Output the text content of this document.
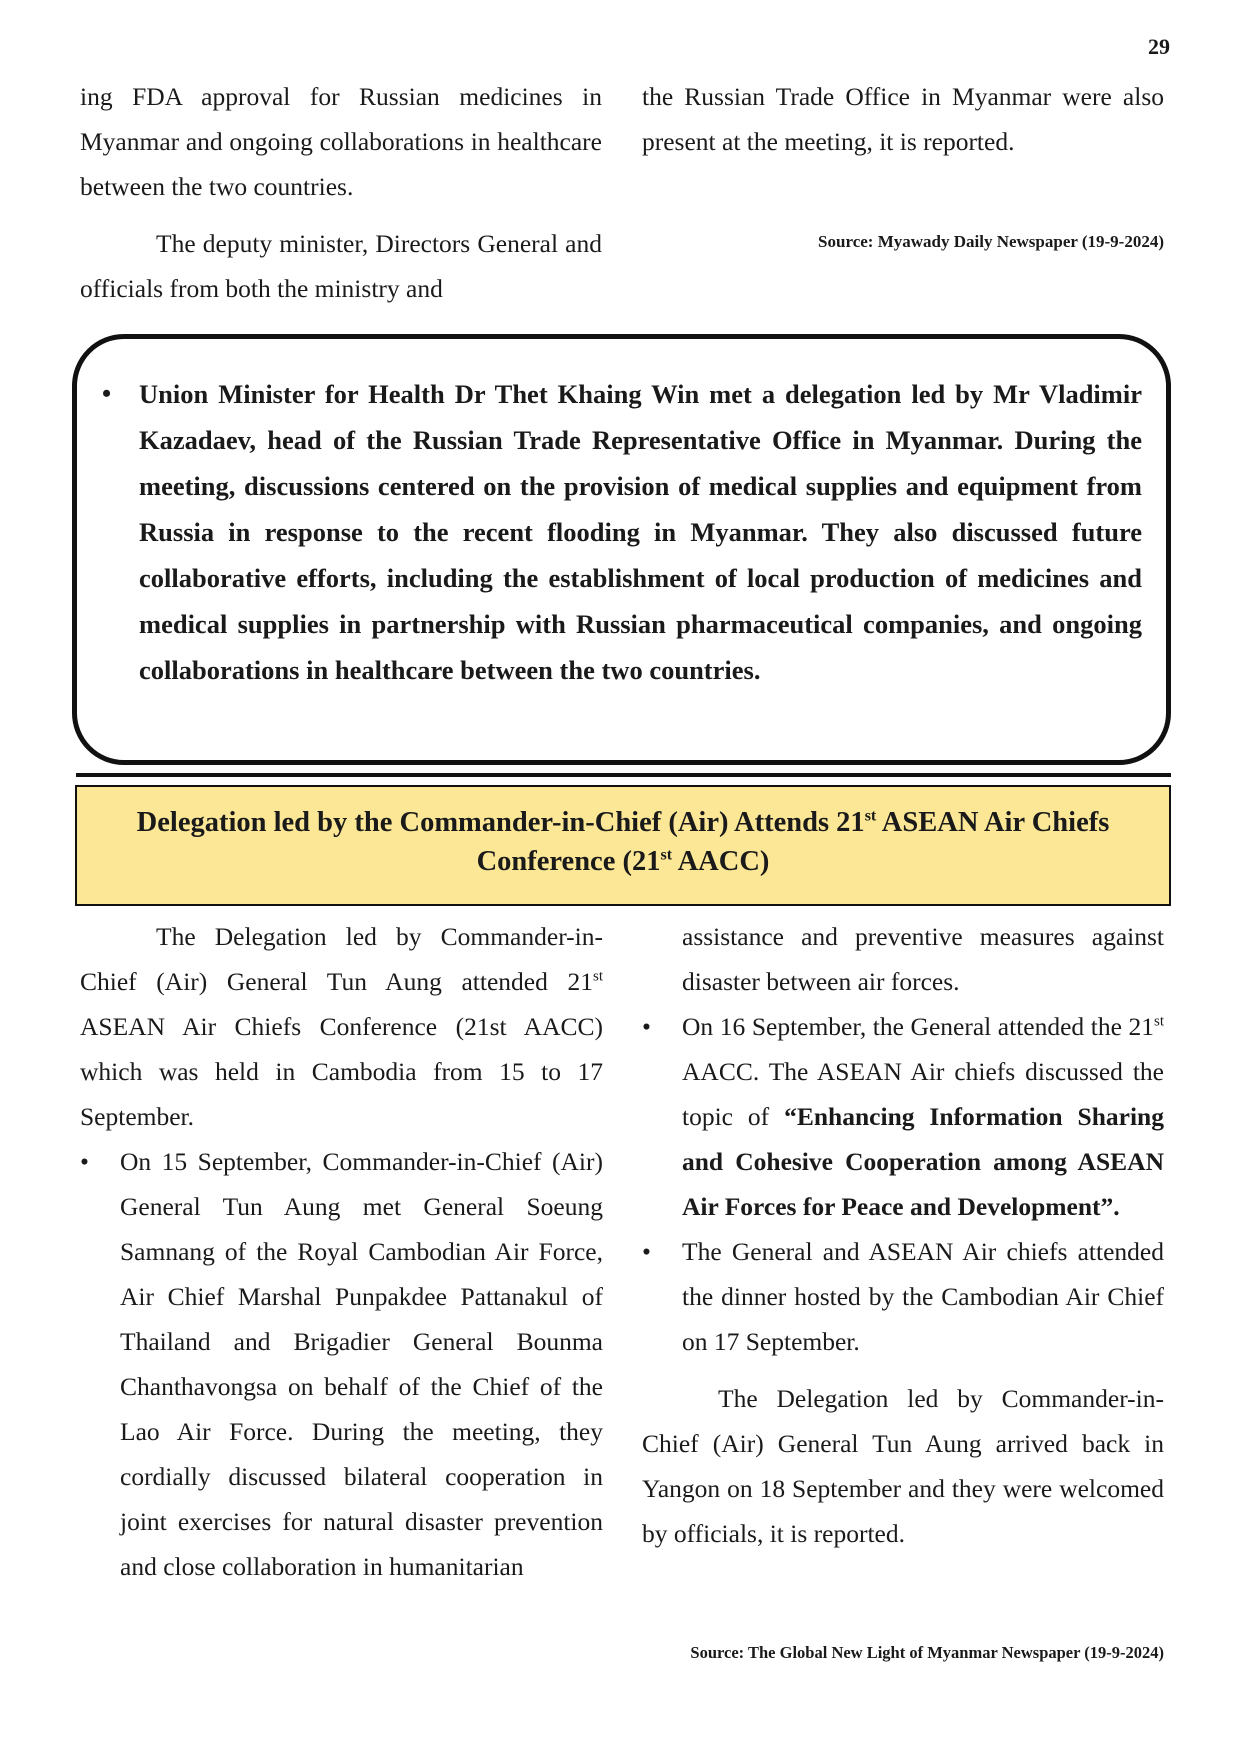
29

ing FDA approval for Russian medicines in Myanmar and ongoing collaborations in healthcare between the two countries.

The deputy minister, Directors General and officials from both the ministry and

the Russian Trade Office in Myanmar were also present at the meeting, it is reported.

Source: Myawady Daily Newspaper (19-9-2024)
•	Union Minister for Health Dr Thet Khaing Win met a delegation led by Mr Vladimir Kazadaev, head of the Russian Trade Representative Office in Myanmar. During the meeting, discussions centered on the provision of medical supplies and equipment from Russia in response to the recent flooding in Myanmar. They also discussed future collaborative efforts, including the establishment of local production of medicines and medical supplies in partnership with Russian pharmaceutical companies, and ongoing collaborations in healthcare between the two countries.

Delegation led by the Commander-in-Chief (Air) Attends 21st ASEAN Air Chiefs Conference (21st AACC)

The Delegation led by Commander-in-Chief (Air) General Tun Aung attended 21st ASEAN Air Chiefs Conference (21st AACC) which was held in Cambodia from 15 to 17 September.

• On 15 September, Commander-in-Chief (Air) General Tun Aung met General Soeung Samnang of the Royal Cambodian Air Force, Air Chief Marshal Punpakdee Pattanakul of Thailand and Brigadier General Bounma Chanthavongsa on behalf of the Chief of the Lao Air Force. During the meeting, they cordially discussed bilateral cooperation in joint exercises for natural disaster prevention and close collaboration in humanitarian

assistance and preventive measures against disaster between air forces.

• On 16 September, the General attended the 21st AACC. The ASEAN Air chiefs discussed the topic of “Enhancing Information Sharing and Cohesive Cooperation among ASEAN Air Forces for Peace and Development”.
• The General and ASEAN Air chiefs attended the dinner hosted by the Cambodian Air Chief on 17 September.

The Delegation led by Commander-in-Chief (Air) General Tun Aung arrived back in Yangon on 18 September and they were welcomed by officials, it is reported.

Source: The Global New Light of Myanmar Newspaper (19-9-2024)
